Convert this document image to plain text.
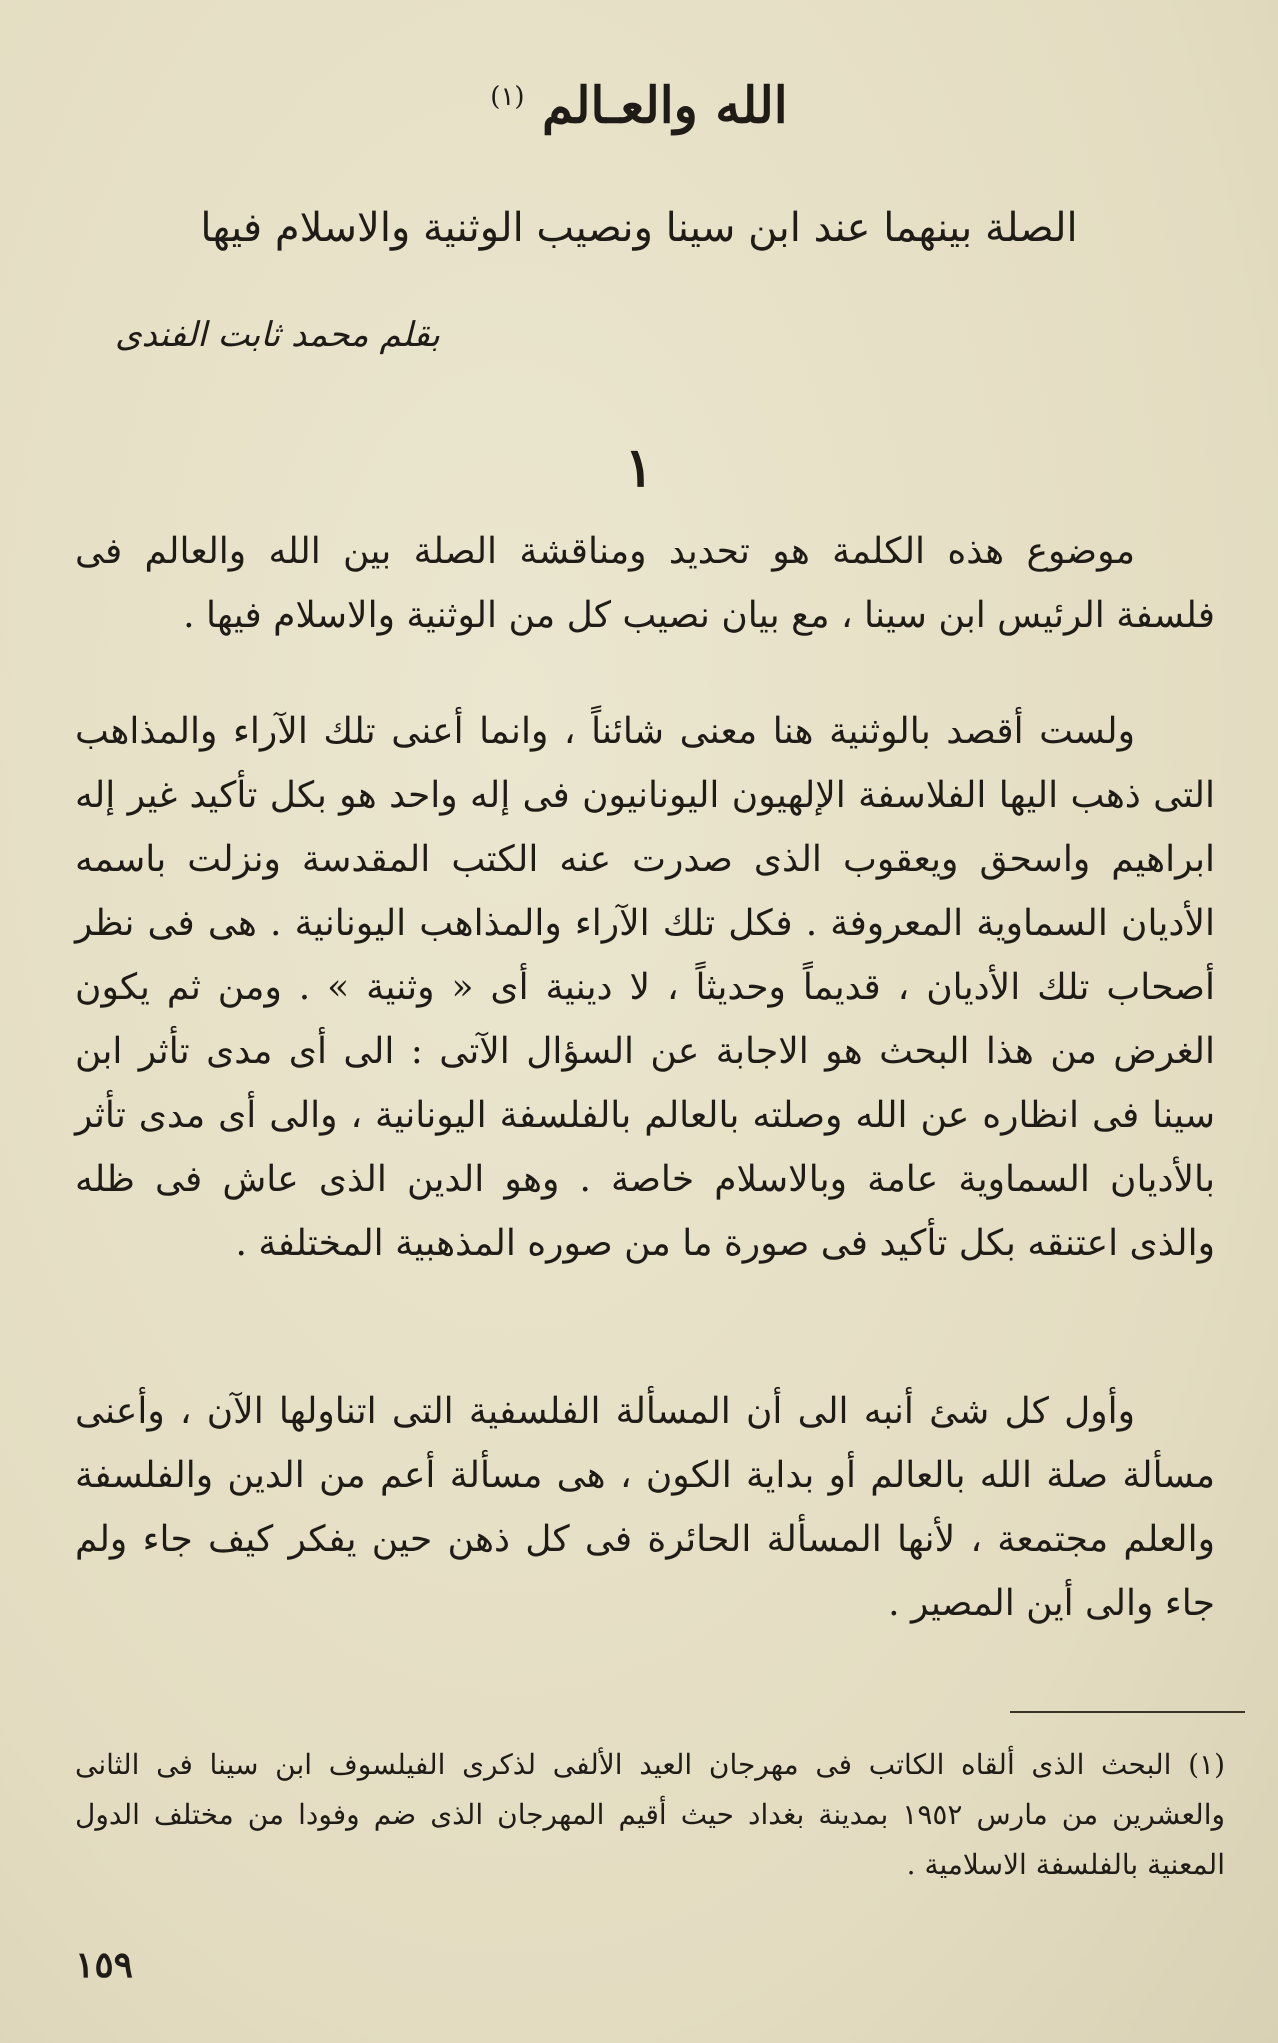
الله والعـالم $^{(١)}$
الصلة بينهما عند ابن سينا ونصيب الوثنية والاسلام فيها
بقلم محمد ثابت الفندى
١

موضوع هذه الكلمة هو تحديد ومناقشة الصلة بين الله والعالم فى فلسفة الرئيس ابن سينا ، مع بيان نصيب كل من الوثنية والاسلام فيها .

ولست أقصد بالوثنية هنا معنى شائناً ، وانما أعنى تلك الآراء والمذاهب التى ذهب اليها الفلاسفة الإلهيون اليونانيون فى إله واحد هو بكل تأكيد غير إله ابراهيم واسحق ويعقوب الذى صدرت عنه الكتب المقدسة ونزلت باسمه الأديان السماوية المعروفة . فكل تلك الآراء والمذاهب اليونانية . هى فى نظر أصحاب تلك الأديان ، قديماً وحديثاً ، لا دينية أى « وثنية » . ومن ثم يكون الغرض من هذا البحث هو الاجابة عن السؤال الآتى : الى أى مدى تأثر ابن سينا فى انظاره عن الله وصلته بالعالم بالفلسفة اليونانية ، والى أى مدى تأثر بالأديان السماوية عامة وبالاسلام خاصة . وهو الدين الذى عاش فى ظله والذى اعتنقه بكل تأكيد فى صورة ما من صوره المذهبية المختلفة .

وأول كل شئ أنبه الى أن المسألة الفلسفية التى اتناولها الآن ، وأعنى مسألة صلة الله بالعالم أو بداية الكون ، هى مسألة أعم من الدين والفلسفة والعلم مجتمعة ، لأنها المسألة الحائرة فى كل ذهن حين يفكر كيف جاء ولم جاء والى أين المصير .

(١) البحث الذى ألقاه الكاتب فى مهرجان العيد الألفى لذكرى الفيلسوف ابن سينا فى الثانى والعشرين من مارس ١٩٥٢ بمدينة بغداد حيث أقيم المهرجان الذى ضم وفودا من مختلف الدول المعنية بالفلسفة الاسلامية .

١٥٩
